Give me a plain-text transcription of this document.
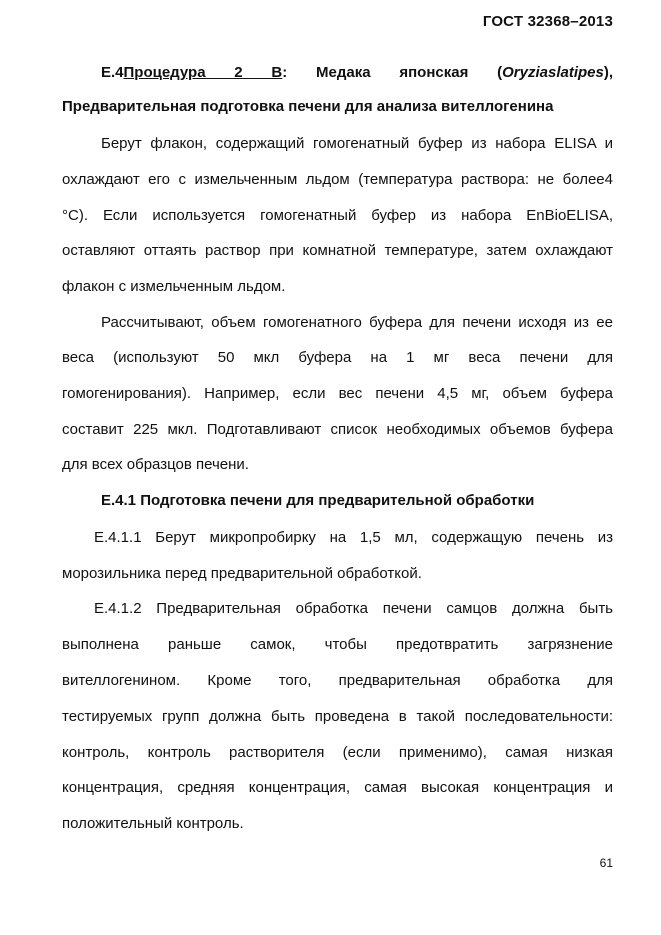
ГОСТ 32368–2013
Е.4Процедура 2 В: Медака японская (Oryziaslatipes),
Предварительная подготовка печени для анализа вителлогенина
Берут флакон, содержащий гомогенатный буфер из набора ELISA и
охлаждают его с измельченным льдом (температура раствора: не более4
°С). Если используется гомогенатный буфер из набора EnBioELISA,
оставляют оттаять раствор при комнатной температуре, затем охлаждают
флакон с измельченным льдом.
Рассчитывают, объем гомогенатного буфера для печени исходя из ее
веса (используют 50 мкл буфера на 1 мг веса печени для
гомогенирования). Например, если вес печени 4,5 мг, объем буфера
составит 225 мкл. Подготавливают список необходимых объемов буфера
для всех образцов печени.
Е.4.1 Подготовка печени для предварительной обработки
Е.4.1.1 Берут микропробирку на 1,5 мл, содержащую печень из
морозильника перед предварительной обработкой.
Е.4.1.2 Предварительная обработка печени самцов должна быть
выполнена раньше самок, чтобы предотвратить загрязнение
вителлогенином. Кроме того, предварительная обработка для
тестируемых групп должна быть проведена в такой последовательности:
контроль, контроль растворителя (если применимо), самая низкая
концентрация, средняя концентрация, самая высокая концентрация и
положительный контроль.
61
